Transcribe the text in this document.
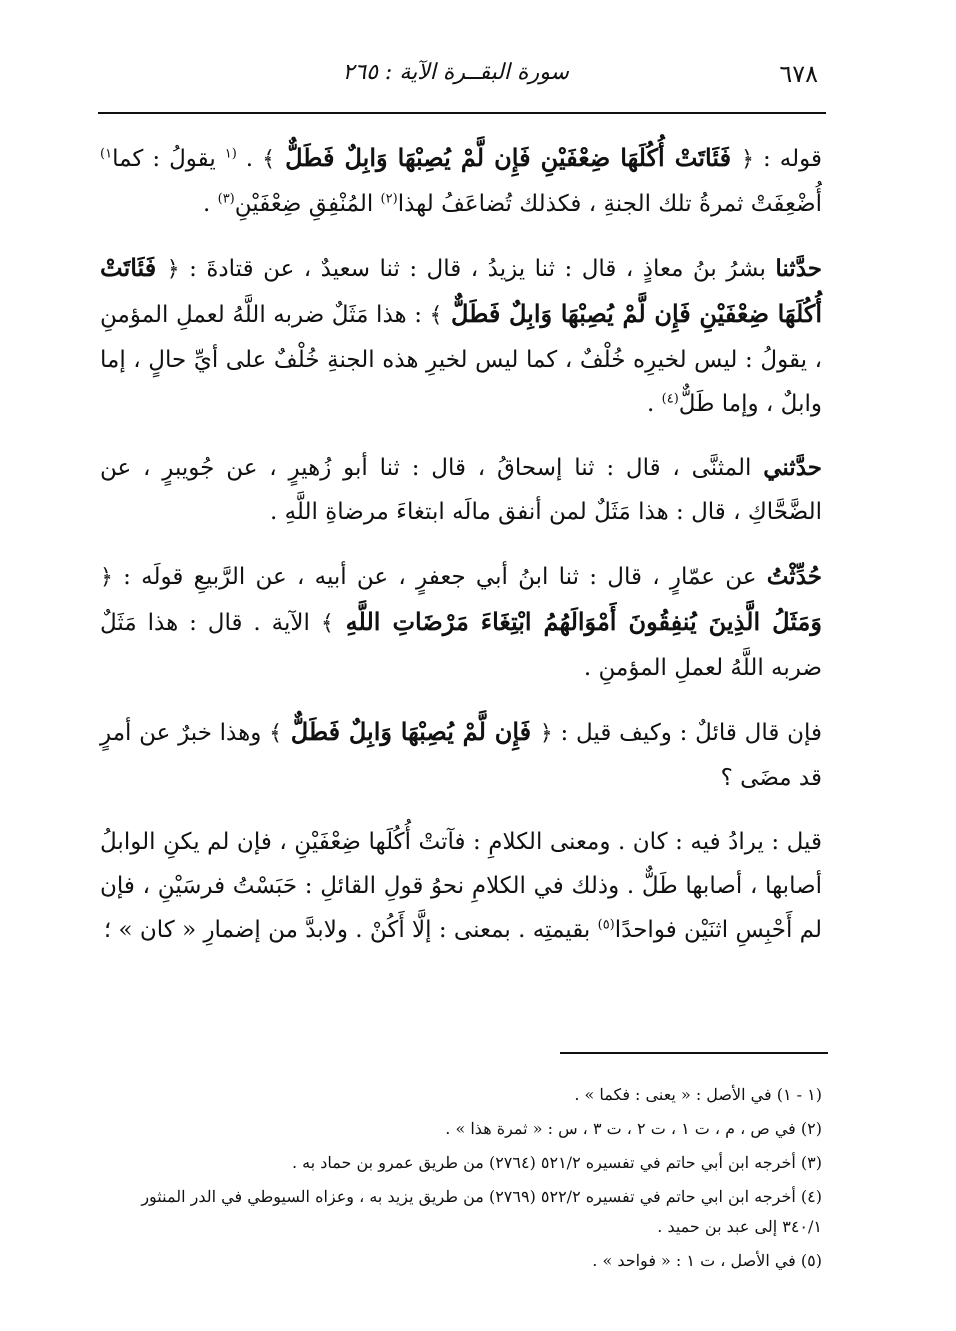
٦٧٨
سورة البقــرة الآية : ٢٦٥

قوله : ﴿ فَئَاتَتْ أُكُلَهَا ضِعْفَيْنِ فَإِن لَّمْ يُصِبْهَا وَابِلٌ فَطَلٌّ ﴾ . $^{(١}$ يقولُ : كما$^{١)}$ أُضْعِفَتْ ثمرةُ تلك الجنةِ ، فكذلك تُضاعَفُ لهذا$^{(٢)}$ المُنْفِقِ ضِعْفَيْنِ$^{(٣)}$ .

حدَّثنا بشرُ بنُ معاذٍ ، قال : ثنا يزيدُ ، قال : ثنا سعيدٌ ، عن قتادةَ : ﴿ فَئَاتَتْ أُكُلَهَا ضِعْفَيْنِ فَإِن لَّمْ يُصِبْهَا وَابِلٌ فَطَلٌّ ﴾ : هذا مَثَلٌ ضربه اللَّهُ لعملِ المؤمنِ ، يقولُ : ليس لخيرِه خُلْفٌ ، كما ليس لخيرِ هذه الجنةِ خُلْفٌ على أيِّ حالٍ ، إما وابلٌ ، وإما طَلٌّ$^{(٤)}$ .

حدَّثني المثنَّى ، قال : ثنا إسحاقُ ، قال : ثنا أبو زُهيرٍ ، عن جُويبرٍ ، عن الضَّحَّاكِ ، قال : هذا مَثَلٌ لمن أنفق مالَه ابتغاءَ مرضاةِ اللَّهِ .

حُدِّثْتُ عن عمّارٍ ، قال : ثنا ابنُ أبي جعفرٍ ، عن أبيه ، عن الرَّبيعِ قولَه : ﴿ وَمَثَلُ الَّذِينَ يُنفِقُونَ أَمْوَالَهُمُ ابْتِغَاءَ مَرْضَاتِ اللَّهِ ﴾ الآية . قال : هذا مَثَلٌ ضربه اللَّهُ لعملِ المؤمنِ .

فإن قال قائلٌ : وكيف قيل : ﴿ فَإِن لَّمْ يُصِبْهَا وَابِلٌ فَطَلٌّ ﴾ وهذا خبرٌ عن أمرٍ قد مضَى ؟

قيل : يرادُ فيه : كان . ومعنى الكلامِ : فآتتْ أُكُلَها ضِعْفَيْنِ ، فإن لم يكنِ الوابلُ أصابها ، أصابها طَلٌّ . وذلك في الكلامِ نحوُ قولِ القائلِ : حَبَسْتُ فرسَيْنِ ، فإن لم أَحْبِسِ اثنَيْن فواحدًا$^{(٥)}$ بقيمتِه . بمعنى : إلَّا أَكُنْ . ولابدَّ من إضمارِ « كان » ؛

(١ - ١) في الأصل : « يعنى : فكما » .

(٢) في ص ، م ، ت ١ ، ت ٢ ، ت ٣ ، س : « ثمرة هذا » .

(٣) أخرجه ابن أبي حاتم في تفسيره ٥٢١/٢ (٢٧٦٤) من طريق عمرو بن حماد به .

(٤) أخرجه ابن ابي حاتم في تفسيره ٥٢٢/٢ (٢٧٦٩) من طريق يزيد به ، وعزاه السيوطي في الدر المنثور ٣٤٠/١ إلى عبد بن حميد .

(٥) في الأصل ، ت ١ : « فواحد » .
